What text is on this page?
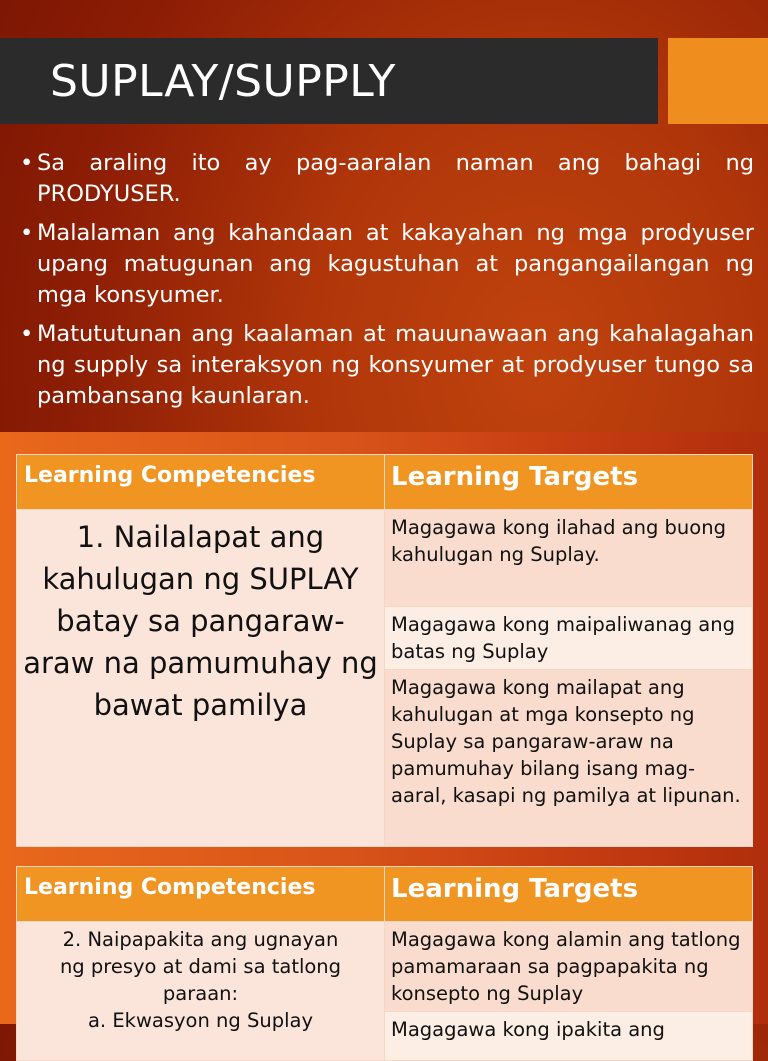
SUPLAY/SUPPLY
• Sa araling ito ay pag-aaralan naman ang bahagi ng PRODYUSER.
• Malalaman ang kahandaan at kakayahan ng mga prodyuser upang matugunan ang kagustuhan at pangangailangan ng mga konsyumer.
• Matututunan ang kaalaman at mauunawaan ang kahalagahan ng supply sa interaksyon ng konsyumer at prodyuser tungo sa pambansang kaunlaran.
Learning Competencies	Learning Targets
1. Nailalapat ang kahulugan ng SUPLAY batay sa pangaraw-araw na pamumuhay ng bawat pamilya	Magagawa kong ilahad ang buong kahulugan ng Suplay.
	Magagawa kong maipaliwanag ang batas ng Suplay
	Magagawa kong mailapat ang kahulugan at mga konsepto ng Suplay sa pangaraw-araw na pamumuhay bilang isang mag-aaral, kasapi ng pamilya at lipunan.
Learning Competencies	Learning Targets

2. Naipapakita ang ugnayan
ng presyo at dami sa tatlong
paraan:
a. Ekwasyon ng Suplay	Magagawa kong alamin ang tatlong pamamaraan sa pagpapakita ng konsepto ng Suplay
	Magagawa kong ipakita ang
